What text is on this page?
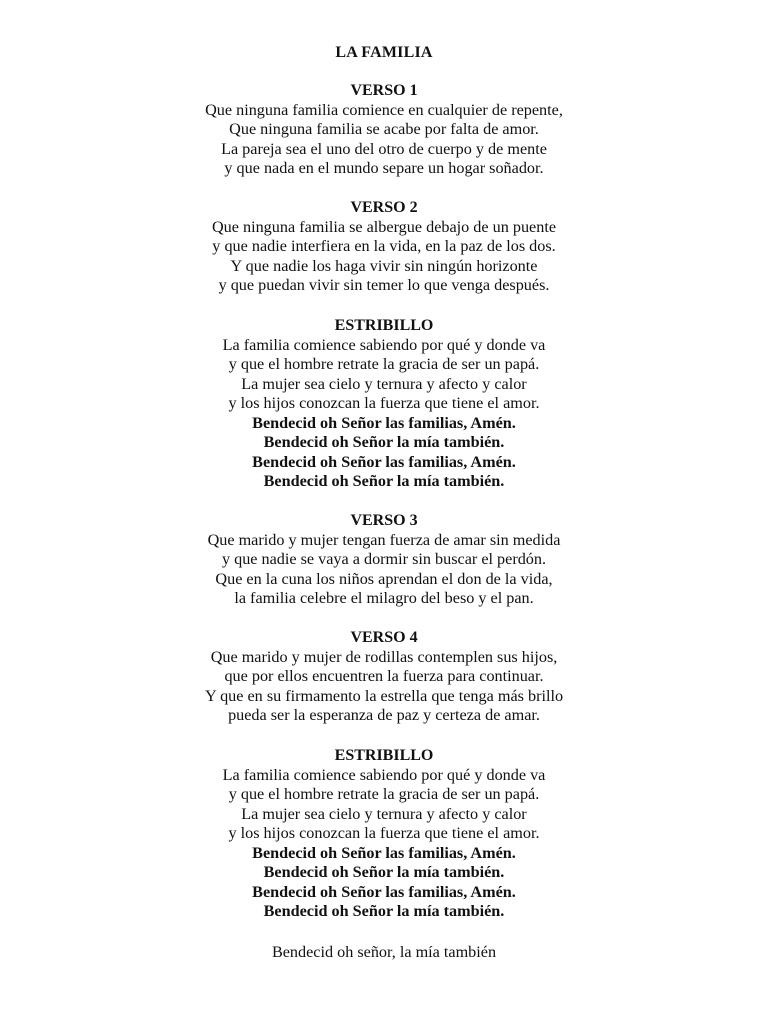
LA FAMILIA
VERSO 1
Que ninguna familia comience en cualquier de repente,
Que ninguna familia se acabe por falta de amor.
La pareja sea el uno del otro de cuerpo y de mente
y que nada en el mundo separe un hogar soñador.
VERSO 2
Que ninguna familia se albergue debajo de un puente
y que nadie interfiera en la vida, en la paz de los dos.
Y que nadie los haga vivir sin ningún horizonte
y que puedan vivir sin temer lo que venga después.
ESTRIBILLO
La familia comience sabiendo por qué y donde va
y que el hombre retrate la gracia de ser un papá.
La mujer sea cielo y ternura y afecto y calor
y los hijos conozcan la fuerza que tiene el amor.
Bendecid oh Señor las familias, Amén.
Bendecid oh Señor la mía también.
Bendecid oh Señor las familias, Amén.
Bendecid oh Señor la mía también.
VERSO 3
Que marido y mujer tengan fuerza de amar sin medida
y que nadie se vaya a dormir sin buscar el perdón.
Que en la cuna los niños aprendan el don de la vida,
la familia celebre el milagro del beso y el pan.
VERSO 4
Que marido y mujer de rodillas contemplen sus hijos,
que por ellos encuentren la fuerza para continuar.
Y que en su firmamento la estrella que tenga más brillo
pueda ser la esperanza de paz y certeza de amar.
ESTRIBILLO
La familia comience sabiendo por qué y donde va
y que el hombre retrate la gracia de ser un papá.
La mujer sea cielo y ternura y afecto y calor
y los hijos conozcan la fuerza que tiene el amor.
Bendecid oh Señor las familias, Amén.
Bendecid oh Señor la mía también.
Bendecid oh Señor las familias, Amén.
Bendecid oh Señor la mía también.
Bendecid oh señor, la mía también
